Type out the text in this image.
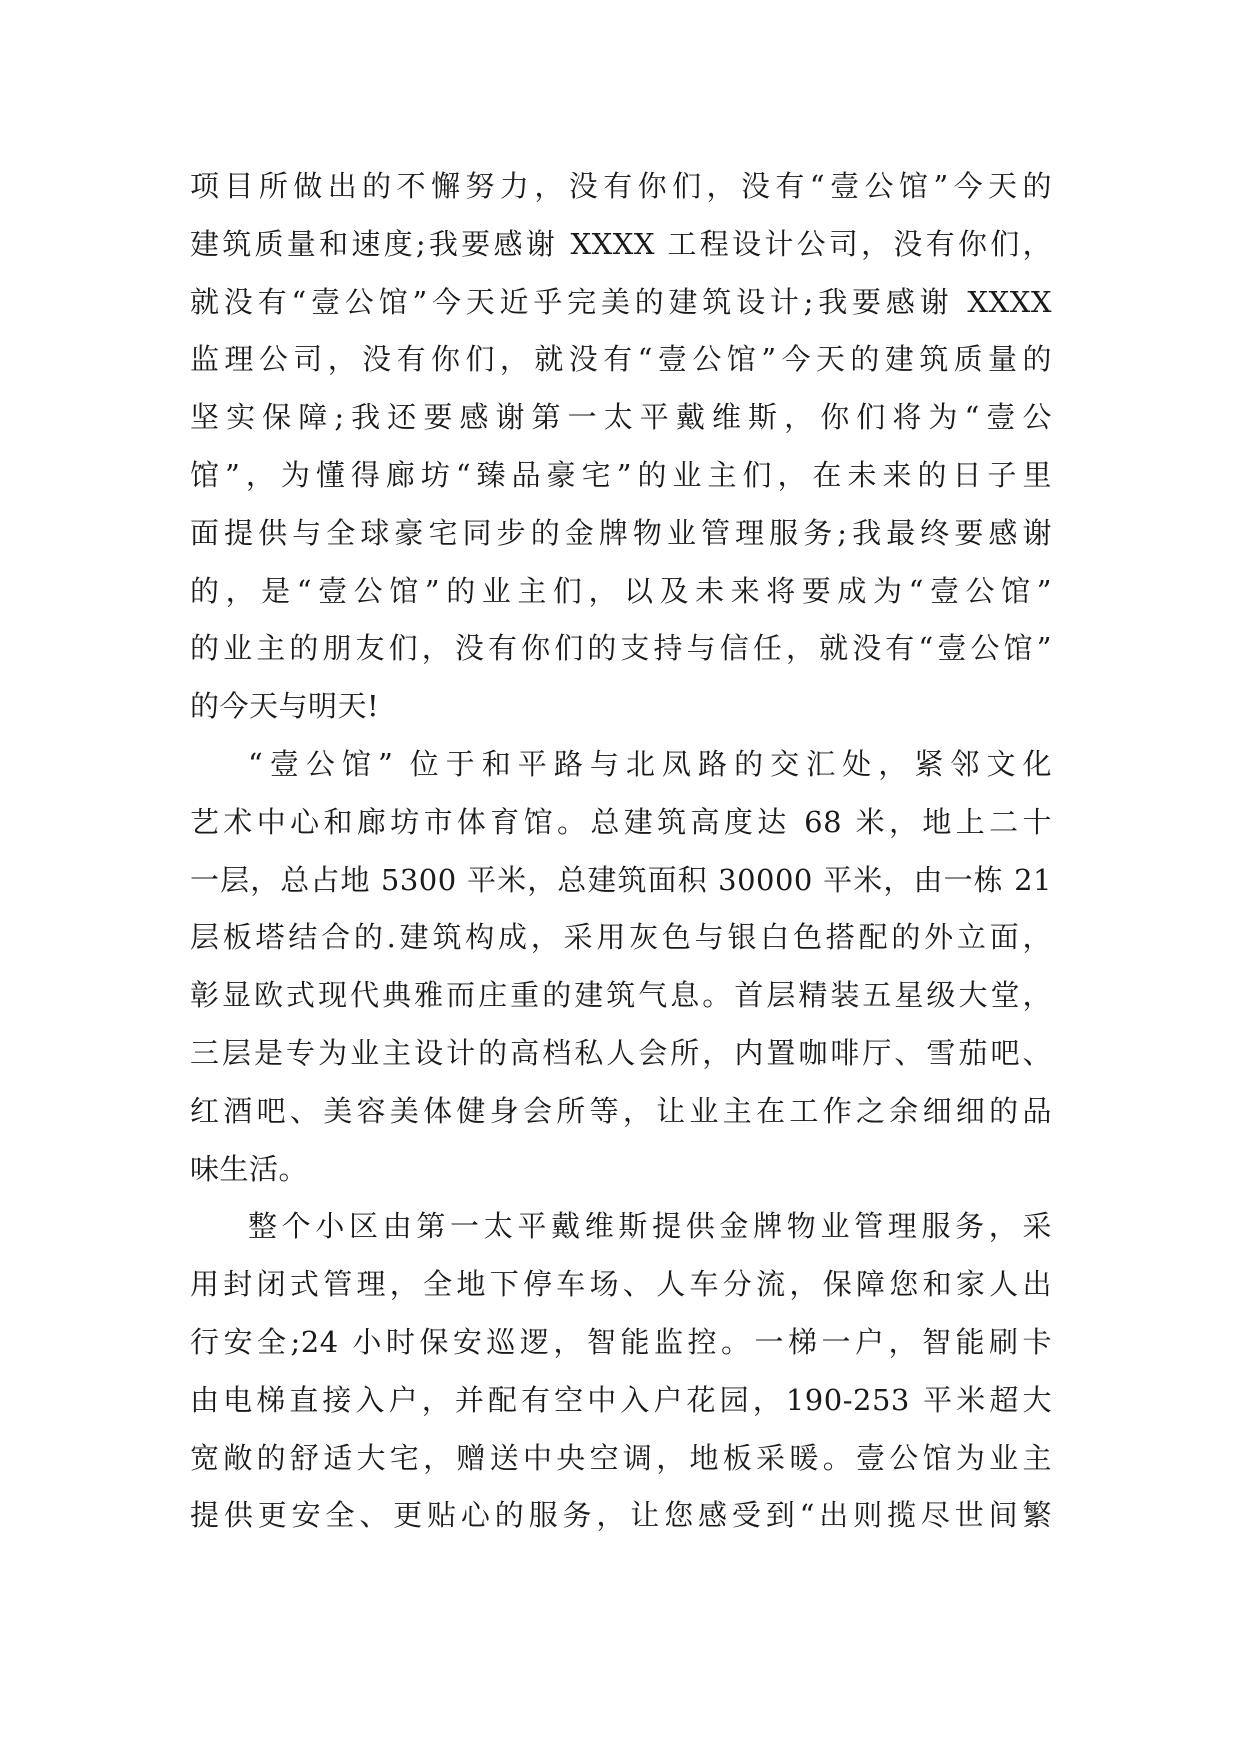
项目所做出的不懈努力，没有你们，没有“壹公馆”今天的
建筑质量和速度;我要感谢 XXXX 工程设计公司，没有你们，
就没有“壹公馆”今天近乎完美的建筑设计;我要感谢 XXXX
监理公司，没有你们，就没有“壹公馆”今天的建筑质量的
坚实保障;我还要感谢第一太平戴维斯，你们将为“壹公
馆”，为懂得廊坊“臻品豪宅”的业主们，在未来的日子里
面提供与全球豪宅同步的金牌物业管理服务;我最终要感谢
的，是“壹公馆”的业主们，以及未来将要成为“壹公馆”
的业主的朋友们，没有你们的支持与信任，就没有“壹公馆”
的今天与明天!
“壹公馆” 位于和平路与北凤路的交汇处，紧邻文化
艺术中心和廊坊市体育馆。总建筑高度达 68 米，地上二十
一层，总占地 5300 平米，总建筑面积 30000 平米，由一栋 21
层板塔结合的.建筑构成，采用灰色与银白色搭配的外立面，
彰显欧式现代典雅而庄重的建筑气息。首层精装五星级大堂，
三层是专为业主设计的高档私人会所，内置咖啡厅、雪茄吧、
红酒吧、美容美体健身会所等，让业主在工作之余细细的品
味生活。
整个小区由第一太平戴维斯提供金牌物业管理服务，采
用封闭式管理，全地下停车场、人车分流，保障您和家人出
行安全;24 小时保安巡逻，智能监控。一梯一户，智能刷卡
由电梯直接入户，并配有空中入户花园，190-253 平米超大
宽敞的舒适大宅，赠送中央空调，地板采暖。壹公馆为业主
提供更安全、更贴心的服务，让您感受到“出则揽尽世间繁
